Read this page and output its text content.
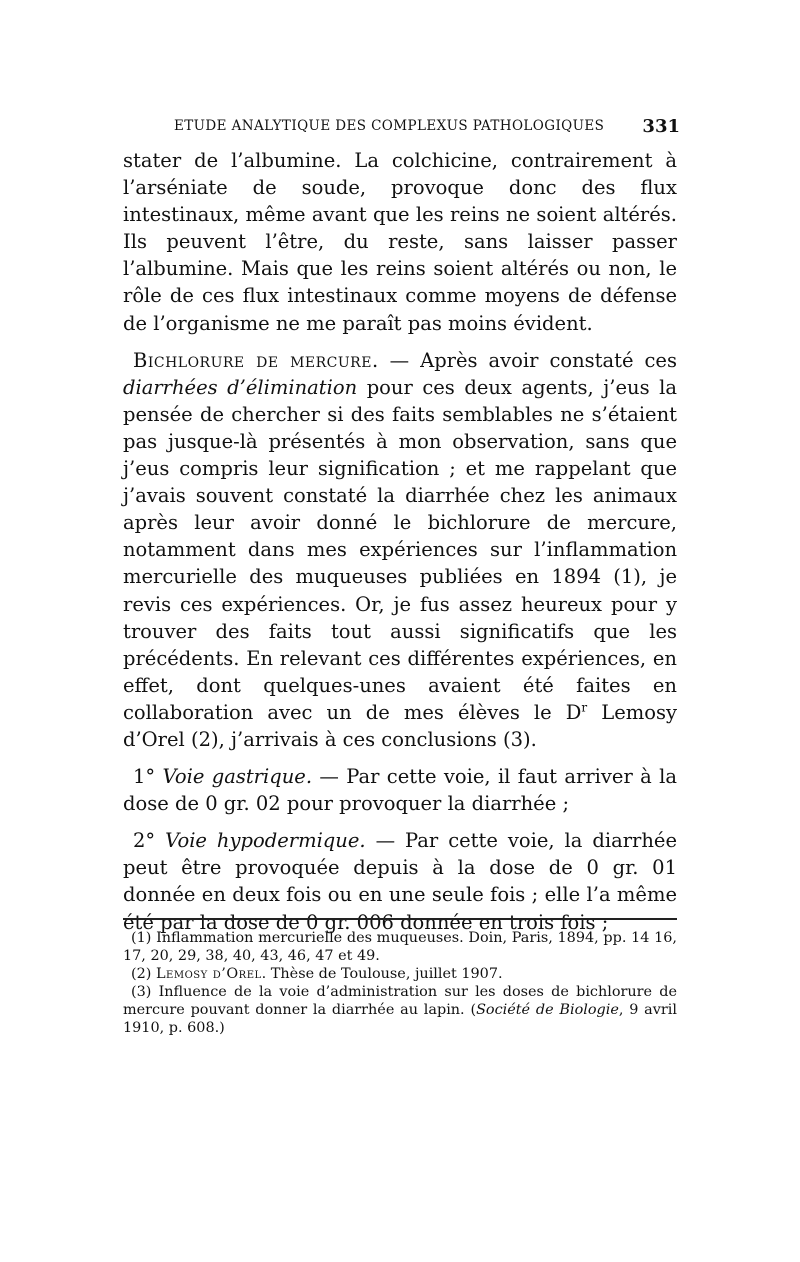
ETUDE ANALYTIQUE DES COMPLEXUS PATHOLOGIQUES 331

stater de l’albumine. La colchicine, contrairement à l’arséniate de soude, provoque donc des flux intestinaux, même avant que les reins ne soient altérés. Ils peuvent l’être, du reste, sans laisser passer l’albumine. Mais que les reins soient altérés ou non, le rôle de ces flux intestinaux comme moyens de défense de l’organisme ne me paraît pas moins évident.

Bichlorure de mercure. — Après avoir constaté ces diarrhées d’élimination pour ces deux agents, j’eus la pensée de chercher si des faits semblables ne s’étaient pas jusque-là présentés à mon observation, sans que j’eus compris leur signification ; et me rappelant que j’avais souvent constaté la diarrhée chez les animaux après leur avoir donné le bichlorure de mercure, notamment dans mes expériences sur l’inflammation mercurielle des muqueuses publiées en 1894 (1), je revis ces expériences. Or, je fus assez heureux pour y trouver des faits tout aussi significatifs que les précédents. En relevant ces différentes expériences, en effet, dont quelques-unes avaient été faites en collaboration avec un de mes élèves le $D^r$ Lemosy d’Orel (2), j’arrivais à ces conclusions (3).

1° Voie gastrique. — Par cette voie, il faut arriver à la dose de 0 gr. 02 pour provoquer la diarrhée ;

2° Voie hypodermique. — Par cette voie, la diarrhée peut être provoquée depuis à la dose de 0 gr. 01 donnée en deux fois ou en une seule fois ; elle l’a même été par la dose de 0 gr. 006 donnée en trois fois ;

(1) Inflammation mercurielle des muqueuses. Doin, Paris, 1894, pp. 14 16, 17, 20, 29, 38, 40, 43, 46, 47 et 49.

(2) Lemosy d’Orel. Thèse de Toulouse, juillet 1907.

(3) Influence de la voie d’administration sur les doses de bichlorure de mercure pouvant donner la diarrhée au lapin. (Société de Biologie, 9 avril 1910, p. 608.)
